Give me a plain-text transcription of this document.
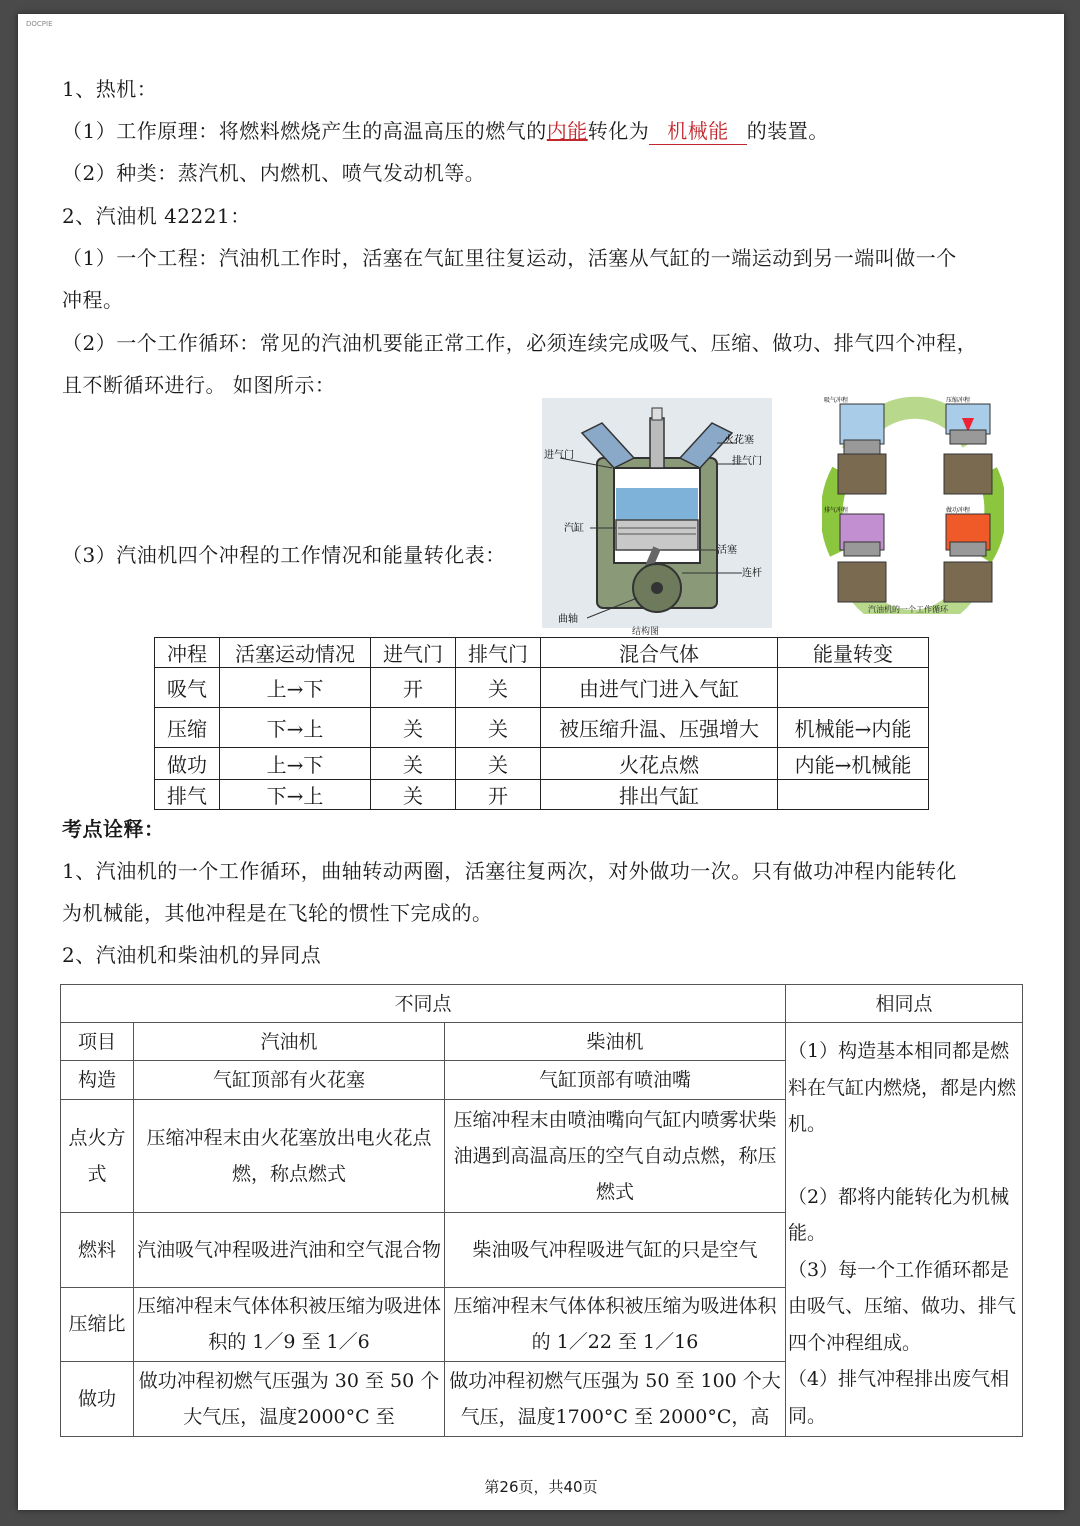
DOCPIE
1、热机：
（1）工作原理：将燃料燃烧产生的高温高压的燃气的内能转化为 机械能 的装置。
（2）种类：蒸汽机、内燃机、喷气发动机等。
2、汽油机 42221：
（1）一个工程：汽油机工作时，活塞在气缸里往复运动，活塞从气缸的一端运动到另一端叫做一个
冲程。
（2）一个工作循环：常见的汽油机要能正常工作，必须连续完成吸气、压缩、做功、排气四个冲程，
且不断循环进行。 如图所示：
（3）汽油机四个冲程的工作情况和能量转化表：
进气门
火花塞
排气门
汽缸
活塞
连杆
曲轴
结构图
吸气冲程	压缩冲程
排气冲程	做功冲程
汽油机的一个工作循环
冲程	活塞运动情况	进气门	排气门	混合气体	能量转变
吸气	上→下	开	关	由进气门进入气缸	
压缩	下→上	关	关	被压缩升温、压强增大	机械能→内能
做功	上→下	关	关	火花点燃	内能→机械能
排气	下→上	关	开	排出气缸	
考点诠释：
1、汽油机的一个工作循环，曲轴转动两圈，活塞往复两次，对外做功一次。只有做功冲程内能转化
为机械能，其他冲程是在飞轮的惯性下完成的。
2、汽油机和柴油机的异同点
不同点			相同点
项目	汽油机	柴油机	（1）构造基本相同都是燃料在气缸内燃烧，都是内燃机。

（2）都将内能转化为机械能。

（3）每一个工作循环都是由吸气、压缩、做功、排气四个冲程组成。

（4）排气冲程排出废气相同。

构造	气缸顶部有火花塞	气缸顶部有喷油嘴	
点火方式	压缩冲程末由火花塞放出电火花点燃，称点燃式	压缩冲程末由喷油嘴向气缸内喷雾状柴油遇到高温高压的空气自动点燃，称压燃式	
燃料	汽油吸气冲程吸进汽油和空气混合物	柴油吸气冲程吸进气缸的只是空气	
压缩比	压缩冲程末气体体积被压缩为吸进体积的 1／9 至 1／6	压缩冲程末气体体积被压缩为吸进体积的 1／22 至 1／16	
做功	做功冲程初燃气压强为 30 至 50 个大气压，温度2000°C 至	做功冲程初燃气压强为 50 至 100 个大气压，温度1700°C 至 2000°C，高	
第26页，共40页
